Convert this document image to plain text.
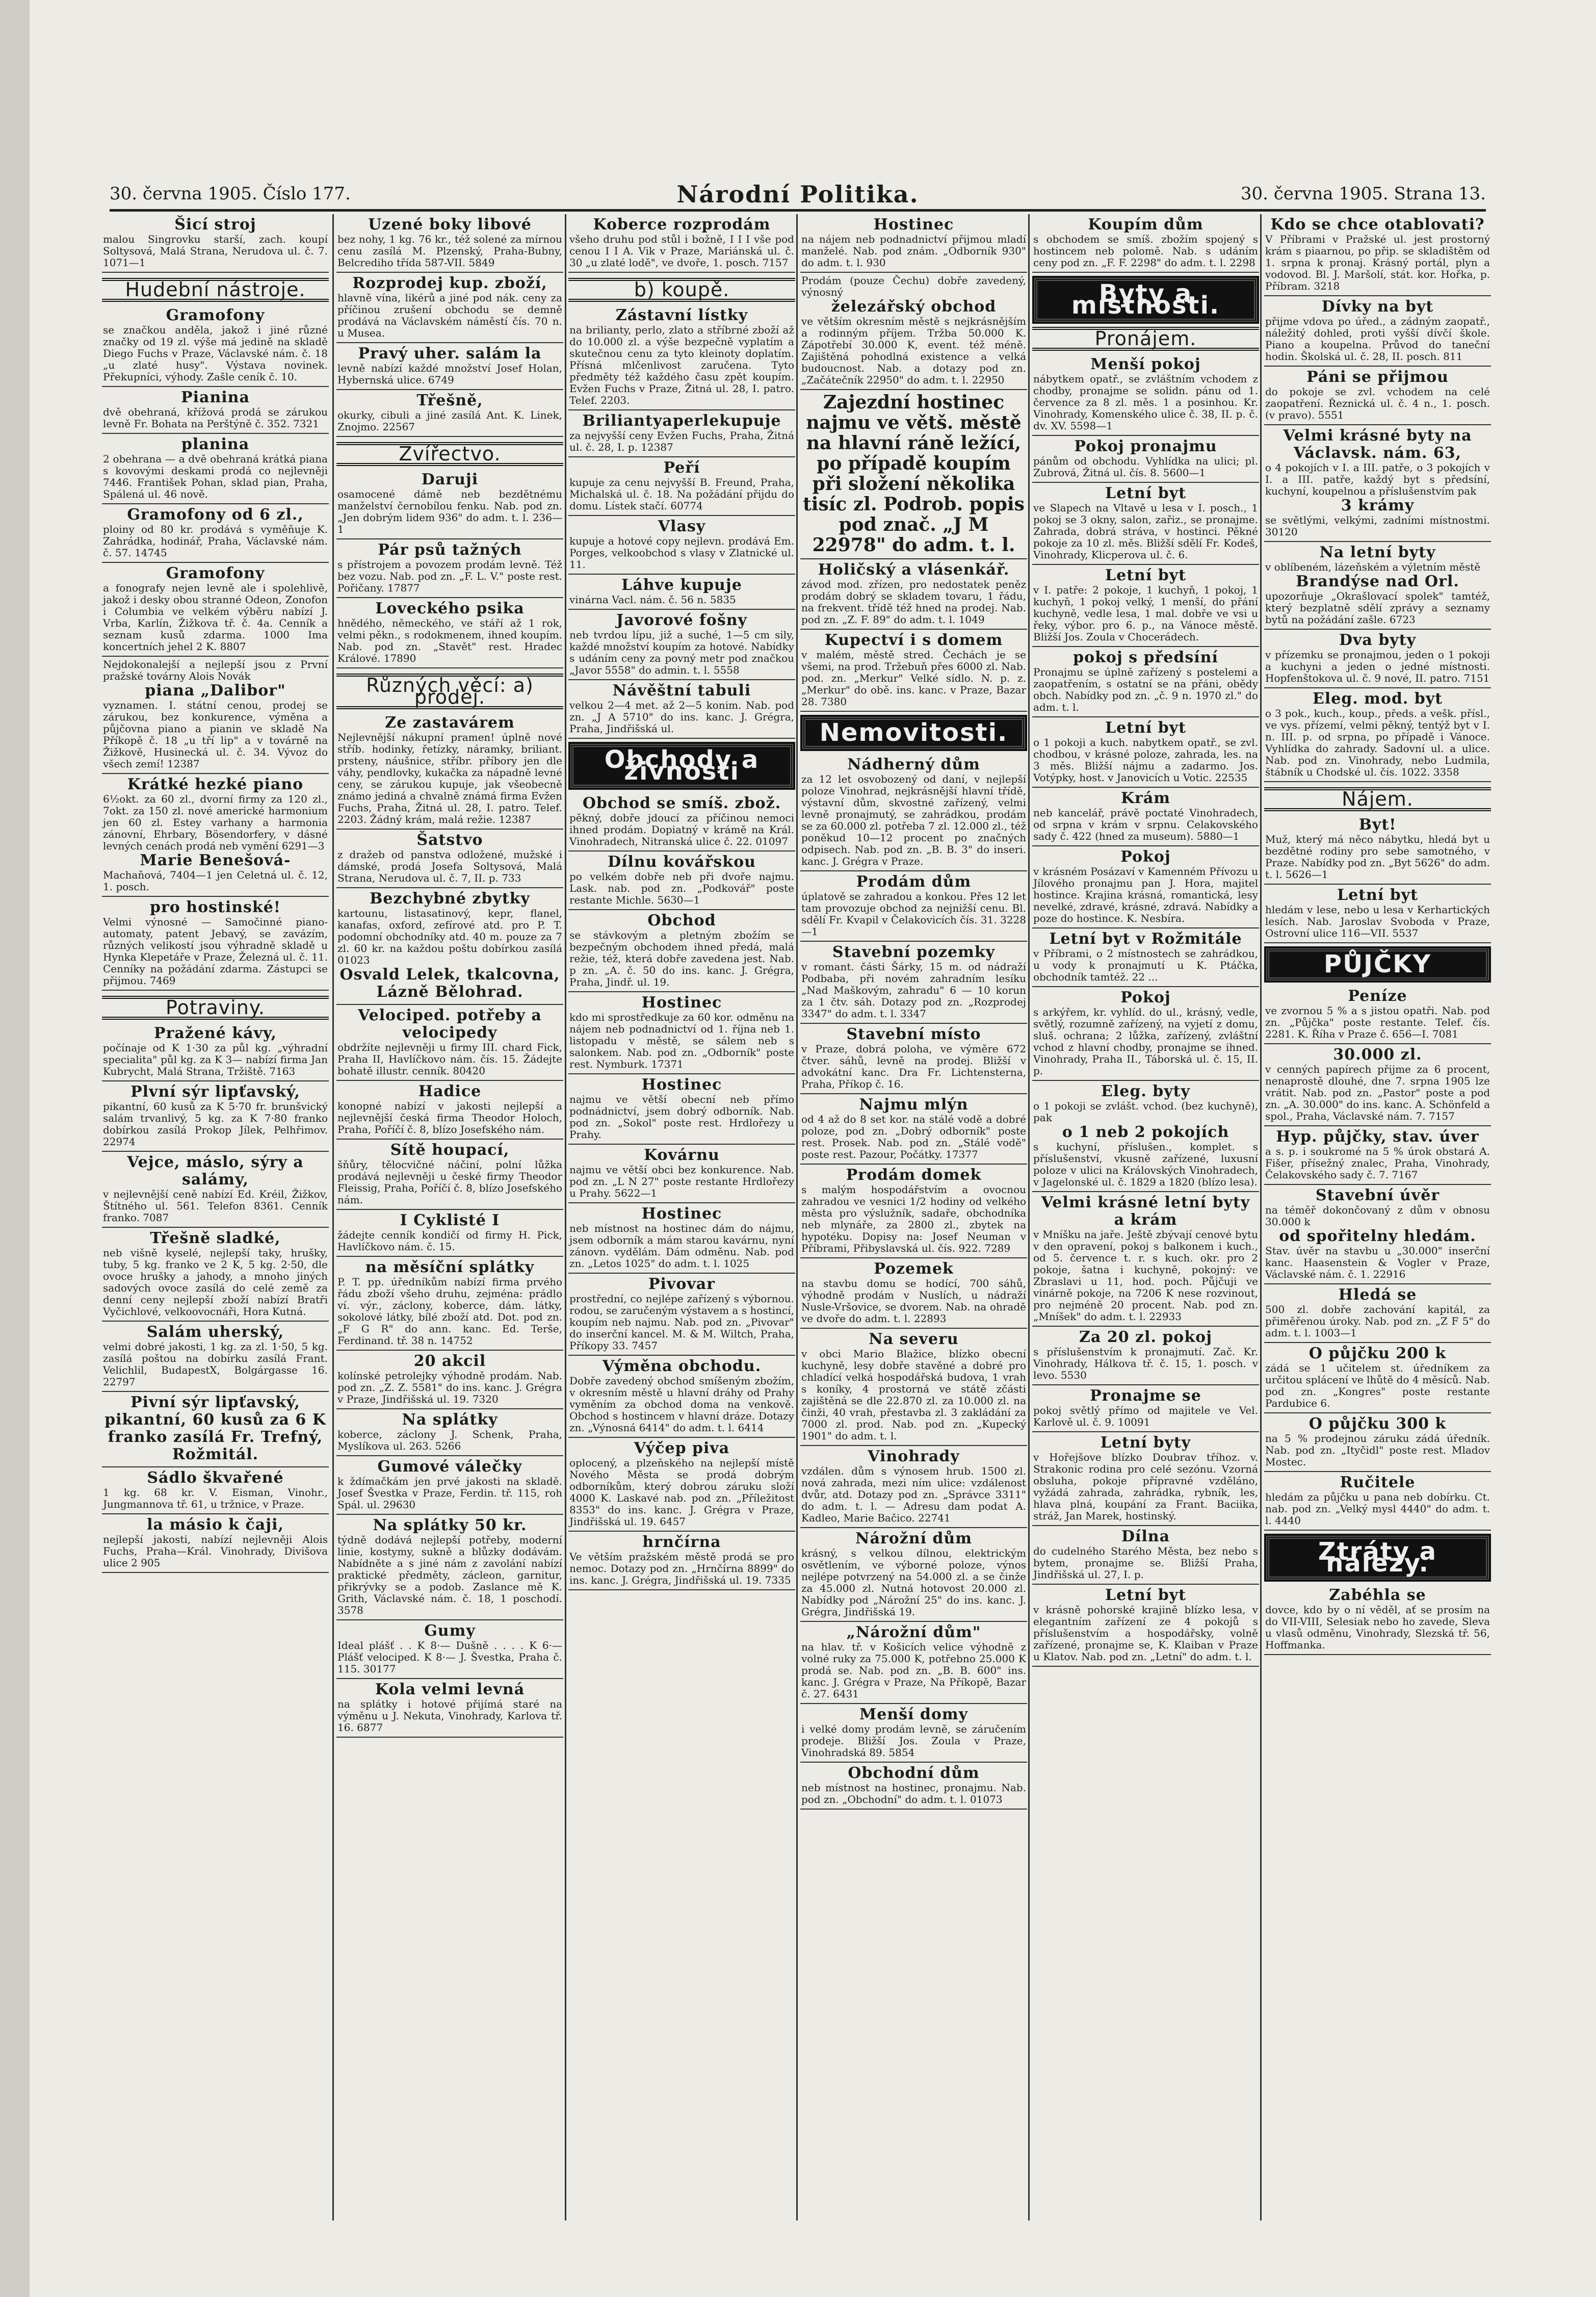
30. června 1905. Číslo 177.	Národní Politika.	30. června 1905. Strana 13.
Šicí stroj
malou Singrovku starší, zach. koupí Soltysová, Malá Strana, Nerudova ul. č. 7. 1071—1
Hudební nástroje.
Gramofony
se značkou anděla, jakož i jiné různé značky od 19 zl. výše má jedině na skladě Diego Fuchs v Praze, Václavské nám. č. 18 „u zlaté husy". Výstava novinek. Překupníci, výhody. Zašle ceník č. 10.
Pianina
dvě obehraná, křížová prodá se zárukou levně Fr. Bohata na Perštýně č. 352. 7321
planina
2 obehrana — a dvě obehraná krátká piana s kovovými deskami prodá co nejlevněji 7446. František Pohan, sklad pian, Praha, Spálená ul. 46 nově.
Gramofony od 6 zl.,
ploiny od 80 kr. prodává s vyměňuje K. Zahrádka, hodinář, Praha, Václavské nám. č. 57. 14745
Gramofony
a fonografy nejen levně ale i spolehlivě, jakož i desky obou stranné Odeon, Zonofon i Columbia ve velkém výběru nabízí J. Vrba, Karlín, Žižkova tř. č. 4a. Cenník a seznam kusů zdarma. 1000 Ima koncertních jehel 2 K. 8807
Nejdokonalejší a nejlepší jsou z První pražské továrny Alois Novák
piana „Dalibor"
vyznamen. I. státní cenou, prodej se zárukou, bez konkurence, výměna a půjčovna piano a pianin ve skladě Na Příkopě č. 18 „u tří lip" a v továrně na Žižkově, Husinecká ul. č. 34. Vývoz do všech zemí! 12387
Krátké hezké piano
6½okt. za 60 zl., dvorní firmy za 120 zl., 7okt. za 150 zl. nové americké harmonium jen 60 zl. Estey varhany a harmonia zánovní, Ehrbary, Bösendorfery, v dásné levných cenách prodá neb vymění 6291—3
Marie Benešová-
Machaňová, 7404—1 jen Celetná ul. č. 12, 1. posch.
pro hostinské!
Velmi výnosné — Samočinné piano-automaty, patent Jebavý, se zavázím, různých velikostí jsou výhradně skladě u Hynka Klepetáře v Praze, Železná ul. č. 11. Cenníky na požádání zdarma. Zástupci se přijmou. 7469
Potraviny.
Pražené kávy,
počínaje od K 1·30 za půl kg. „výhradní specialita" půl kg. za K 3— nabízí firma Jan Kubrycht, Malá Strana, Tržiště. 7163
Plvní sýr lipťavský,
pikantní, 60 kusů za K 5·70 fr. brunšvický salám trvanlivý, 5 kg. za K 7·80 franko dobírkou zasílá Prokop Jílek, Pelhřimov. 22974
Vejce, máslo, sýry a salámy,
v nejlevnější ceně nabízí Ed. Kréil, Žižkov, Štítného ul. 561. Telefon 8361. Cenník franko. 7087
Třešně sladké,
neb višně kyselé, nejlepší taky, hrušky, tuby, 5 kg. franko ve 2 K, 5 kg. 2·50, dle ovoce hrušky a jahody, a mnoho jiných sadových ovoce zasílá do celé země za denní ceny nejlepší zboží nabízí Bratři Vyčichlové, velkoovocnáři, Hora Kutná.
Salám uherský,
velmi dobré jakosti, 1 kg. za zl. 1·50, 5 kg. zasílá poštou na dobírku zasílá Frant. Velichlil, BudapestX, Bolgárgasse 16. 22797
Pivní sýr lipťavský, pikantní, 60 kusů za 6 K franko zasílá Fr. Trefný, Rožmitál.
Sádlo škvařené
1 kg. 68 kr. V. Eisman, Vinohr., Jungmannova tř. 61, u tržnice, v Praze.
la másio k čaji,
nejlepší jakosti, nabízí nejlevněji Alois Fuchs, Praha—Král. Vinohrady, Divišova ulice 2 905
Uzené boky libové
bez nohy, 1 kg. 76 kr., též solené za mírnou cenu zasílá M. Plzenský, Praha-Bubny, Belcrediho třída 587-VII. 5849
Rozprodej kup. zboží,
hlavně vína, likérů a jiné pod nák. ceny za příčinou zrušení obchodu se demně prodává na Václavském náměstí čís. 70 n. u Musea.
Pravý uher. salám la
levně nabízí každé množství Josef Holan, Hybernská ulice. 6749
Třešně,
okurky, cibuli a jiné zasílá Ant. K. Linek, Znojmo. 22567
Zvířectvo.
Daruji
osamocené dámě neb bezdětnému manželství černobílou fenku. Nab. pod zn. „Jen dobrým lidem 936" do adm. t. l. 236—1
Pár psů tažných
s přístrojem a povozem prodám levně. Též bez vozu. Nab. pod zn. „F. L. V." poste rest. Pořičany. 17877
Loveckého psika
hnědého, německého, ve stáří až 1 rok, velmi pěkn., s rodokmenem, ihned koupím. Nab. pod zn. „Stavět" rest. Hradec Králové. 17890
Různých věcí: a) prodej.
Ze zastavárem
Nejlevnější nákupní pramen! úplně nové stříb. hodinky, řetízky, náramky, briliant. prsteny, náušnice, stříbr. příbory jen dle váhy, pendlovky, kukačka za nápadně levné ceny, se zárukou kupuje, jak všeobecně známo jediná a chvalně známá firma Evžen Fuchs, Praha, Žitná ul. 28, I. patro. Telef. 2203. Žádný krám, malá režie. 12387
Šatstvo
z dražeb od panstva odložené, mužské i dámské, prodá Josefa Soltysová, Malá Strana, Nerudova ul. č. 7, II. p. 733
Bezchybné zbytky
kartounu, listasatinový, kepr, flanel, kanafas, oxford, zefírové atd. pro P. T. podomní obchodníky atd. 40 m. pouze za 7 zl. 60 kr. na každou poštu dobírkou zasílá 01023
Osvald Lelek, tkalcovna, Lázně Bělohrad.
Velociped. potřeby a velocipedy
obdržíte nejlevněji u firmy III. chard Fick, Praha II, Havlíčkovo nám. čís. 15. Žádejte bohatě illustr. cenník. 80420
Hadice
konopné nabízí v jakosti nejlepší a nejlevnější česká firma Theodor Holoch, Praha, Poříčí č. 8, blízo Josefského nám.
Sítě houpací,
šňůry, tělocvičné náčiní, polní lůžka prodává nejlevněji u české firmy Theodor Fleissig, Praha, Poříčí č. 8, blízo Josefského nám.
I Cyklisté I
žádejte cenník kondičí od firmy H. Pick, Havlíčkovo nám. č. 15.
na měsíční splátky
P. T. pp. úředníkům nabízí firma prvého řádu zboží všeho druhu, zejména: prádlo ví. výr., záclony, koberce, dám. látky, sokolové látky, bílé zboží atd. Dot. pod zn. „F G R" do ann. kanc. Ed. Terše, Ferdinand. tř. 38 n. 14752
20 akcil
kolínské petrolejky výhodně prodám. Nab. pod zn. „Z. Z. 5581" do ins. kanc. J. Grégra v Praze, Jindřišská ul. 19. 7320
Na splátky
koberce, záclony J. Schenk, Praha, Myslíkova ul. 263. 5266
Gumové válečky
k ždímačkám jen prvé jakosti na skladě. Josef Švestka v Praze, Ferdin. tř. 115, roh Spál. ul. 29630
Na splátky 50 kr.
týdně dodává nejlepší potřeby, moderní linie, kostymy, sukně a blůzky dodávám. Nabídněte a s jiné nám z zavolání nabízí praktické předměty, zácleon, garnitur, přikrývky se a podob. Zaslance mě K. Grith, Václavské nám. č. 18, 1 poschodí. 3578
Gumy
Ideal plášť . . K 8·— Dušně . . . . K 6·— Plášť velociped. K 8·— J. Švestka, Praha č. 115. 30177
Kola velmi levná
na splátky i hotové přijímá staré na výměnu u J. Nekuta, Vinohrady, Karlova tř. 16. 6877
Koberce rozprodám
všeho druhu pod stůl i božně, I I I vše pod cenou I I A. Vik v Praze, Mariánská ul. č. 30 „u zlaté lodě", ve dvoře, 1. posch. 7157
b) koupě.
Zástavní lístky
na brilianty, perlo, zlato a stříbrné zboží až do 10.000 zl. a výše bezpečně vyplatím a skutečnou cenu za tyto kleinoty doplatím. Přísná mlčenlivost zaručena. Tyto předměty též každého času zpět koupím. Evžen Fuchs v Praze, Žitná ul. 28, I. patro. Telef. 2203.
Briliantyaperlekupuje
za nejvyšší ceny Evžen Fuchs, Praha, Žitná ul. č. 28, I. p. 12387
Peří
kupuje za cenu nejvyšší B. Freund, Praha, Michalská ul. č. 18. Na požádání přijdu do domu. Lístek stačí. 60774
Vlasy
kupuje a hotové copy nejlevn. prodává Em. Porges, velkoobchod s vlasy v Zlatnické ul. 11.
Láhve kupuje
vinárna Vacl. nám. č. 56 n. 5835
Javorové fošny
neb tvrdou lípu, již a suché, 1—5 cm sily, každé množství koupím za hotové. Nabídky s udáním ceny za povný metr pod značkou „Javor 5558" do admin. t. l. 5558
Návěštní tabuli
velkou 2—4 met. až 2—5 konim. Nab. pod zn. „J A 5710" do ins. kanc. J. Grégra, Praha, Jindřišská ul.
Obchody a živnosti
Obchod se smíš. zbož.
pěkný, dobře jdoucí za příčinou nemoci ihned prodám. Dopiatný v krámě na Král. Vinohradech, Nitranská ulice č. 22. 01097
Dílnu kovářskou
po velkém dobře neb při dvoře najmu. Lask. nab. pod zn. „Podkovář" poste restante Michle. 5630—1
Obchod
se stávkovým a pletným zbožím se bezpečným obchodem ihned předá, malá režie, též, která dobře zavedena jest. Nab. p zn. „A. č. 50 do ins. kanc. J. Grégra, Praha, Jindř. ul. 19.
Hostinec
kdo mi sprostředkuje za 60 kor. odměnu na nájem neb podnadnictví od 1. října neb 1. listopadu v městě, se sálem neb s salonkem. Nab. pod zn. „Odborník" poste rest. Nymburk. 17371
Hostinec
najmu ve větší obecní neb přímo podnádnictví, jsem dobrý odborník. Nab. pod zn. „Sokol" poste rest. Hrdlořezy u Prahy.
Kovárnu
najmu ve větší obci bez konkurence. Nab. pod zn. „L N 27" poste restante Hrdlořezy u Prahy. 5622—1
Hostinec
neb místnost na hostinec dám do nájmu, jsem odborník a mám starou kavárnu, nyní zánovn. vydělám. Dám odměnu. Nab. pod zn. „Letos 1025" do adm. t. l. 1025
Pivovar
prostřední, co nejlépe zařízený s výbornou. rodou, se zaručeným výstavem a s hostincí, koupím neb najmu. Nab. pod zn. „Pivovar" do inserční kancel. M. & M. Wiltch, Praha, Příkopy 33. 7457
Výměna obchodu.
Dobře zavedený obchod smíšeným zbožím, v okresním městě u hlavní dráhy od Prahy vyměním za obchod doma na venkově. Obchod s hostincem v hlavní dráze. Dotazy zn. „Výnosná 6414" do adm. t. l. 6414
Výčep piva
oplocený, a plzeňského na nejlepší místě Nového Města se prodá dobrým odborníkům, který dobrou záruku složí 4000 K. Laskavé nab. pod zn. „Příležitost 8353" do ins. kanc. J. Grégra v Praze, Jindřišská ul. 19. 6457
hrnčírna
Ve větším pražském městě prodá se pro nemoc. Dotazy pod zn. „Hrnčírna 8899" do ins. kanc. J. Grégra, Jindřišská ul. 19. 7335
Hostinec
na nájem neb podnadnictví přijmou mladí manželé. Nab. pod znám. „Odborník 930" do adm. t. l. 930
Prodám (pouze Čechu) dobře zavedený, výnosný
železářský obchod
ve větším okresním městě s nejkrásnějším a rodinným příjem. Tržba 50.000 K. Zápotřebí 30.000 K, event. též méně. Zajištěná pohodlná existence a velká budoucnost. Nab. a dotazy pod zn. „Začátečník 22950" do adm. t. l. 22950
Zajezdní hostinec najmu ve větš. městě na hlavní ráně ležící, po případě koupím při složení několika tisíc zl. Podrob. popis pod znač. „J M 22978" do adm. t. l.
Holičský a vlásenkář.
závod mod. zřízen, pro nedostatek peněz prodám dobrý se skladem tovaru, 1 řádu, na frekvent. třídě též hned na prodej. Nab. pod zn. „Z. F. 89" do adm. t. l. 1049
Kupectví i s domem
v malém, městě stred. Čechách je se všemi, na prod. Tržebuň přes 6000 zl. Nab. pod. zn. „Merkur" Velké sídlo. N. p. z. „Merkur" do obě. ins. kanc. v Praze, Bazar 28. 7380
Nemovitosti.
Nádherný dům
za 12 let osvobozený od daní, v nejlepší poloze Vinohrad, nejkrásnější hlavní třídě, výstavní dům, skvostné zařízený, velmi levně pronajmutý, se zahrádkou, prodám se za 60.000 zl. potřeba 7 zl. 12.000 zl., též poněkud 10—12 procent po značných odpisech. Nab. pod zn. „B. B. 3" do inseri. kanc. J. Grégra v Praze.
Prodám dům
úplatově se zahradou a konkou. Přes 12 let tam provozuje obchod za nejnižší cenu. Bl. sdělí Fr. Kvapil v Čelakovicích čís. 31. 3228—1
Stavební pozemky
v romant. části Šárky, 15 m. od nádraží Podbaba, při novém zahradním lesíku „Nad Maškovým, zahradu" 6 — 10 korun za 1 čtv. sáh. Dotazy pod zn. „Rozprodej 3347" do adm. t. l. 3347
Stavební místo
v Praze, dobrá poloha, ve výměre 672 čtver. sáhů, levně na prodej. Bližší v advokátní kanc. Dra Fr. Lichtensterna, Praha, Příkop č. 16.
Najmu mlýn
od 4 až do 8 set kor. na stálé vodě a dobré poloze, pod zn. „Dobrý odborník" poste rest. Prosek. Nab. pod zn. „Stálé vodě" poste rest. Pazour, Počátky. 17377
Prodám domek
s malým hospodářstvím a ovocnou zahradou ve vesnici 1/2 hodiny od velkého města pro výslužník, sadaře, obchodníka neb mlynáře, za 2800 zl., zbytek na hypotéku. Dopisy na: Josef Neuman v Příbrami, Přibyslavská ul. čís. 922. 7289
Pozemek
na stavbu domu se hodící, 700 sáhů, výhodně prodám v Nuslích, u nádraží Nusle-Vršovice, se dvorem. Nab. na ohradě ve dvoře do adm. t. l. 22893
Na severu
v obci Mario Blažice, blízko obecní kuchyně, lesy dobře stavěné a dobré pro chladící velká hospodářská budova, 1 vrah s koníky, 4 prostorná ve státě zčásti zajištěná se dle 22.870 zl. za 10.000 zl. na činži, 40 vrah, přestavba zl. 3 zakládání za 7000 zl. prod. Nab. pod zn. „Kupecký 1901" do adm. t. l.
Vinohrady
vzdálen. dům s výnosem hrub. 1500 zl. nová zahrada, mezi ním ulice: vzdálenost dvůr, atd. Dotazy pod zn. „Správce 3311" do adm. t. l. — Adresu dam podat A. Kadleo, Marie Bačico. 22741
Nárožní dům
krásný, s velkou dílnou, elektrickým osvětlením, ve výborné poloze, výnos nejlépe potvrzený na 54.000 zl. a se činže za 45.000 zl. Nutná hotovost 20.000 zl. Nabídky pod „Nárožní 25" do ins. kanc. J. Grégra, Jindřišská 19.
„Nárožní dům"
na hlav. tř. v Košicích velice výhodně z volné ruky za 75.000 K, potřebno 25.000 K prodá se. Nab. pod zn. „B. B. 600" ins. kanc. J. Grégra v Praze, Na Příkopě, Bazar č. 27. 6431
Menší domy
i velké domy prodám levně, se záručením prodeje. Bližší Jos. Zoula v Praze, Vinohradská 89. 5854
Obchodní dům
neb místnost na hostinec, pronajmu. Nab. pod zn. „Obchodní" do adm. t. l. 01073
Koupím dům
s obchodem se smíš. zbožím spojený s hostincem neb polomě. Nab. s udáním ceny pod zn. „F. F. 2298" do adm. t. l. 2298
Byty a místnosti.
Pronájem.
Menší pokoj
nábytkem opatř., se zvláštním vchodem z chodby, pronajme se solidn. pánu od 1. července za 8 zl. měs. 1 a posinhou. Kr. Vinohrady, Komenského ulice č. 38, II. p. č. dv. XV. 5598—1
Pokoj pronajmu
pánům od obchodu. Vyhlídka na ulici; pl. Zubrová, Žitná ul. čís. 8. 5600—1
Letní byt
ve Slapech na Vltavě u lesa v I. posch., 1 pokoj se 3 okny, salon, zařiz., se pronajme. Zahrada, dobrá stráva, v hostinci. Pěkné pokoje za 10 zl. měs. Bližší sdělí Fr. Kodeš, Vinohrady, Klicperova ul. č. 6.
Letní byt
v I. patře: 2 pokoje, 1 kuchyň, 1 pokoj, 1 kuchyň, 1 pokoj velký, 1 menší, do přání kuchyně, vedle lesa, 1 mal. dobře ve vsi u řeky, výbor. pro 6. p., na Vánoce městě. Bližší Jos. Zoula v Chocerádech.
pokoj s předsíní
Pronajmu se úplně zařízený s postelemi a zaopatřením, s ostatní se na přáni, obědy obch. Nabídky pod zn. „č. 9 n. 1970 zl." do adm. t. l.
Letní byt
o 1 pokoji a kuch. nabytkem opatř., se zvl. chodbou, v krásné poloze, zahrada, les. na 3 měs. Bližší nájmu a zadarmo. Jos. Votýpky, host. v Janovicích u Votic. 22535
Krám
neb kancelář, právě poctaté Vinohradech, od srpna v krám v srpnu. Celakovského sady č. 422 (hned za museum). 5880—1
Pokoj
v krásném Posázaví v Kamenném Přívozu u Jílového pronajmu pan J. Hora, majitel hostince. Krajina krásná, romantická, lesy nevelké, zdravé, krásné, zdravá. Nabídky a poze do hostince. K. Nesbíra.
Letní byt v Rožmitále
v Příbrami, o 2 místnostech se zahrádkou, u vody k pronajmutí u K. Ptáčka, obchodník tamtéž. 22 ...
Pokoj
s arkýřem, kr. vyhlíd. do ul., krásný, vedle, světlý, rozumně zařízený, na vyjetí z domu, sluš. ochrana; 2 lůžka, zařízený, zvláštní vchod z hlavní chodby, pronajme se ihned. Vinohrady, Praha II., Táborská ul. č. 15, II. p.
Eleg. byty
o 1 pokoji se zvlášt. vchod. (bez kuchyně), pak
o 1 neb 2 pokojích
s kuchyní, příslušen., komplet. s příslušenství, vkusně zařízené, luxusní poloze v ulici na Královských Vinohradech, v Jagelonské ul. č. 1829 a 1820 (blízo lesa).
Velmi krásné letní byty a krám
v Mníšku na jaře. Ještě zbývají cenové bytu v den opravení, pokoj s balkonem i kuch., od 5. července t. r. s kuch. okr. pro 2 pokoje, šatna i kuchyně, pokojný: ve Zbraslavi u 11, hod. poch. Půjčuji ve vinárně pokoje, na 7206 K nese rozvinout, pro nejméně 20 procent. Nab. pod zn. „Mníšek" do adm. t. l. 22933
Za 20 zl. pokoj
s příslušenstvím k pronajmutí. Zač. Kr. Vinohrady, Hálkova tř. č. 15, 1. posch. v levo. 5530
Pronajme se
pokoj světlý přímo od majitele ve Vel. Karlově ul. č. 9. 10091
Letní byty
v Hořejšove blízko Doubrav tříhoz. v. Strakonic rodina pro celé sezónu. Vzorná obsluha, pokoje přípravné vzděláno, vyžádá zahrada, zahrádka, rybník, les, hlava plná, koupání za Frant. Baciika, stráž, Jan Marek, hostinský.
Dílna
do cudelného Starého Města, bez nebo s bytem, pronajme se. Bližší Praha, Jindřišská ul. 27, I. p.
Letní byt
v krásně pohorské krajině blízko lesa, v elegantním zařízení ze 4 pokojů s příslušenstvím a hospodářsky, volně zařízené, pronajme se, K. Klaiban v Praze u Klatov. Nab. pod zn. „Letní" do adm. t. l.
Kdo se chce otablovati?
V Příbrami v Pražské ul. jest prostorný krám s piaarnou, po přip. se skladištěm od 1. srpna k pronaj. Krásný portál, plyn a vodovod. Bl. J. Maršolí, stát. kor. Hořka, p. Příbram. 3218
Dívky na byt
přijme vdova po úřed., a zádným zaopatř., náležitý dohled, proti vyšší dívčí škole. Piano a koupelna. Průvod do taneční hodin. Školská ul. č. 28, II. posch. 811
Páni se přijmou
do pokoje se zvl. vchodem na celé zaopatření. Řeznická ul. č. 4 n., 1. posch. (v pravo). 5551
Velmi krásné byty na Václavsk. nám. 63,
o 4 pokojích v I. a III. patře, o 3 pokojích v I. a III. patře, každý byt s předsíní, kuchyní, koupelnou a příslušenstvím pak
3 krámy
se světlými, velkými, zadními místnostmi. 30120
Na letní byty
v oblíbeném, lázeňském a výletním městě
Brandýse nad Orl.
upozorňuje „Okrašlovací spolek" tamtéž, který bezplatně sdělí zprávy a seznamy bytů na požádání zašle. 6723
Dva byty
v přízemku se pronajmou, jeden o 1 pokoji a kuchyni a jeden o jedné místnosti. Hopfenštokova ul. č. 9 nové, II. patro. 7151
Eleg. mod. byt
o 3 pok., kuch., koup., předs. a vešk. přísl., ve vys. přízemí, velmi pěkný, tentýž byt v I. n. III. p. od srpna, po případě i Vánoce. Vyhlídka do zahrady. Sadovní ul. a ulice. Nab. pod zn. Vinohrady, nebo Ludmila, štábník u Chodské ul. čís. 1022. 3358
Nájem.
Byt!
Muž, který má něco nábytku, hledá byt u bezdětné rodiny pro sebe samotného, v Praze. Nabídky pod zn. „Byt 5626" do adm. t. l. 5626—1
Letní byt
hledám v lese, nebo u lesa v Kerhartických lesích. Nab. Jaroslav Svoboda v Praze, Ostrovní ulice 116—VII. 5537
PŮJČKY
Peníze
ve zvornou 5 % a s jistou opatři. Nab. pod zn. „Půjčka" poste restante. Telef. čís. 2281. K. Říha v Praze č. 656—I. 7081
30.000 zl.
v cenných papírech přijme za 6 procent, nenaprostě dlouhé, dne 7. srpna 1905 lze vrátit. Nab. pod zn. „Pastor" poste a pod zn. „A. 30.000" do ins. kanc. A. Schönfeld a spol., Praha, Václavské nám. 7. 7157
Hyp. půjčky, stav. úver
a s. p. i soukromé na 5 % úrok obstará A. Fišer, přísežný znalec, Praha, Vinohrady, Čelakovského sady č. 7. 7167
Stavební úvěr
na téměř dokončovaný z dům v obnosu 30.000 k
od spořitelny hledám.
Stav. úvěr na stavbu u „30.000" inserční kanc. Haasenstein & Vogler v Praze, Václavské nám. č. 1. 22916
Hledá se
500 zl. dobře zachování kapitál, za přiměřenou úroky. Nab. pod zn. „Z F 5" do adm. t. l. 1003—1
O půjčku 200 k
zádá se 1 učitelem st. úředníkem za určitou splácení ve lhůtě do 4 měsíců. Nab. pod zn. „Kongres" poste restante Pardubice 6.
O půjčku 300 k
na 5 % prodejnou záruku zádá úředník. Nab. pod zn. „Ityčidl" poste rest. Mladov Mostec.
Ručitele
hledám za půjčku u pana neb dobírku. Ct. nab. pod zn. „Velký mysl 4440" do adm. t. l. 4440
Ztráty a nálezy.
Zabéhla se
dovce, kdo by o ní věděl, ať se prosím na do VII-VIII, Selesiak nebo ho zavede, Sleva u vlasů odměnu, Vinohrady, Slezská tř. 56, Hoffmanka.
